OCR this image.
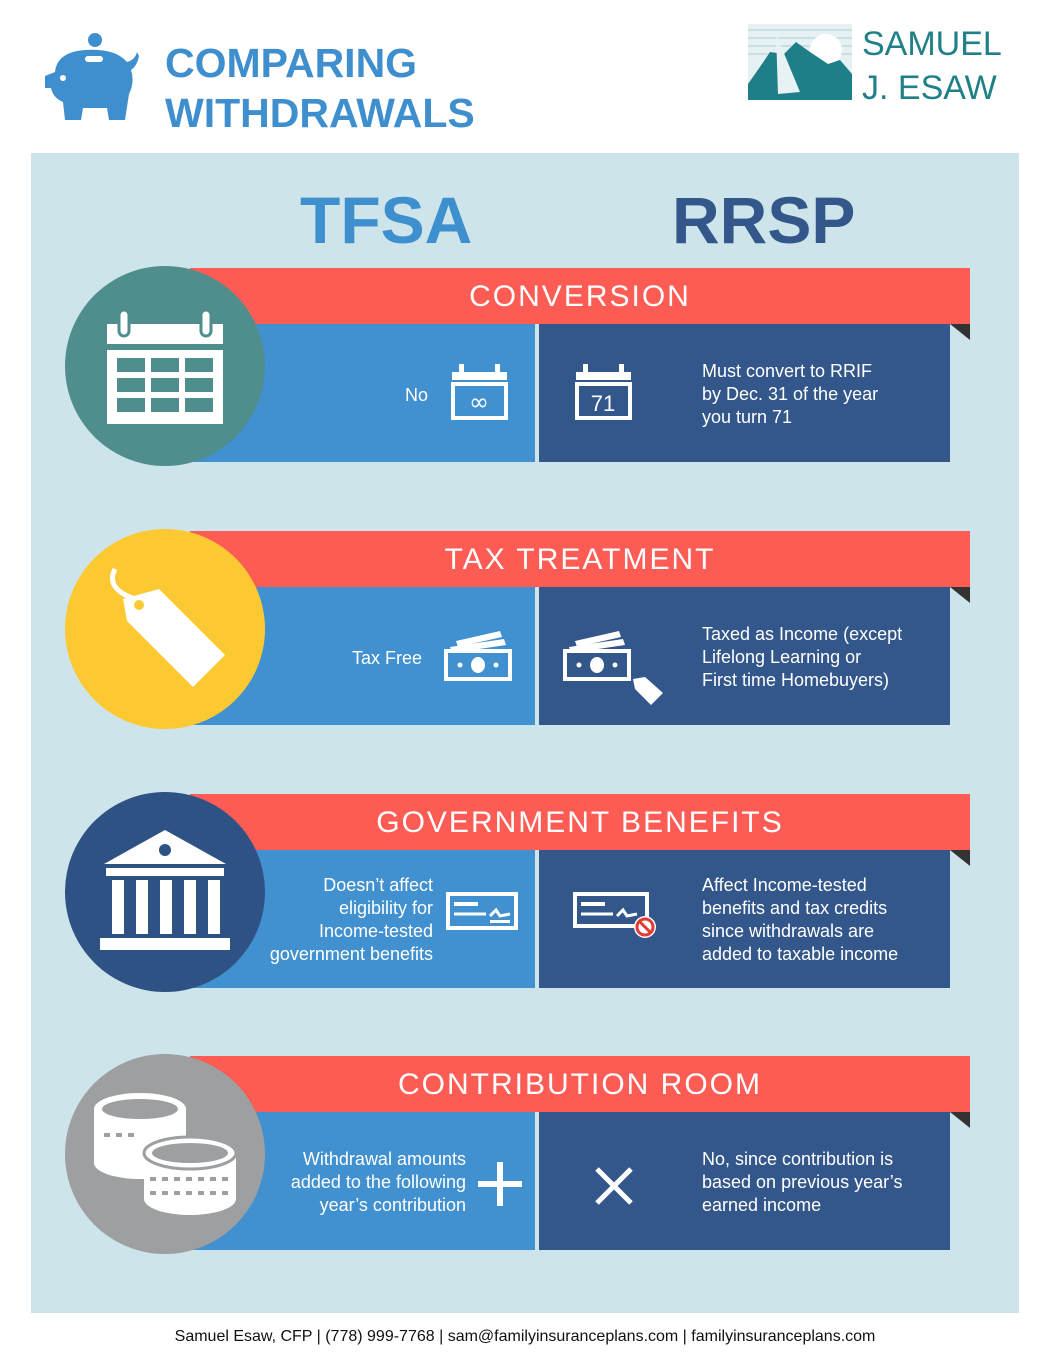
COMPARING
WITHDRAWALS
SAMUEL
J. ESAW
TFSA	RRSP
CONVERSION
No ∞	71
Must convert to RRIF
by Dec. 31 of the year
you turn 71
TAX TREATMENT
Tax Free
Taxed as Income (except
Lifelong Learning or
First time Homebuyers)
GOVERNMENT BENEFITS
Doesn’t affect
eligibility for
Income-tested
government benefits
Affect Income-tested
benefits and tax credits
since withdrawals are
added to taxable income
CONTRIBUTION ROOM
Withdrawal amounts
added to the following
year’s contribution
No, since contribution is
based on previous year’s
earned income
Samuel Esaw, CFP | (778) 999-7768 | sam@familyinsuranceplans.com | familyinsuranceplans.com
